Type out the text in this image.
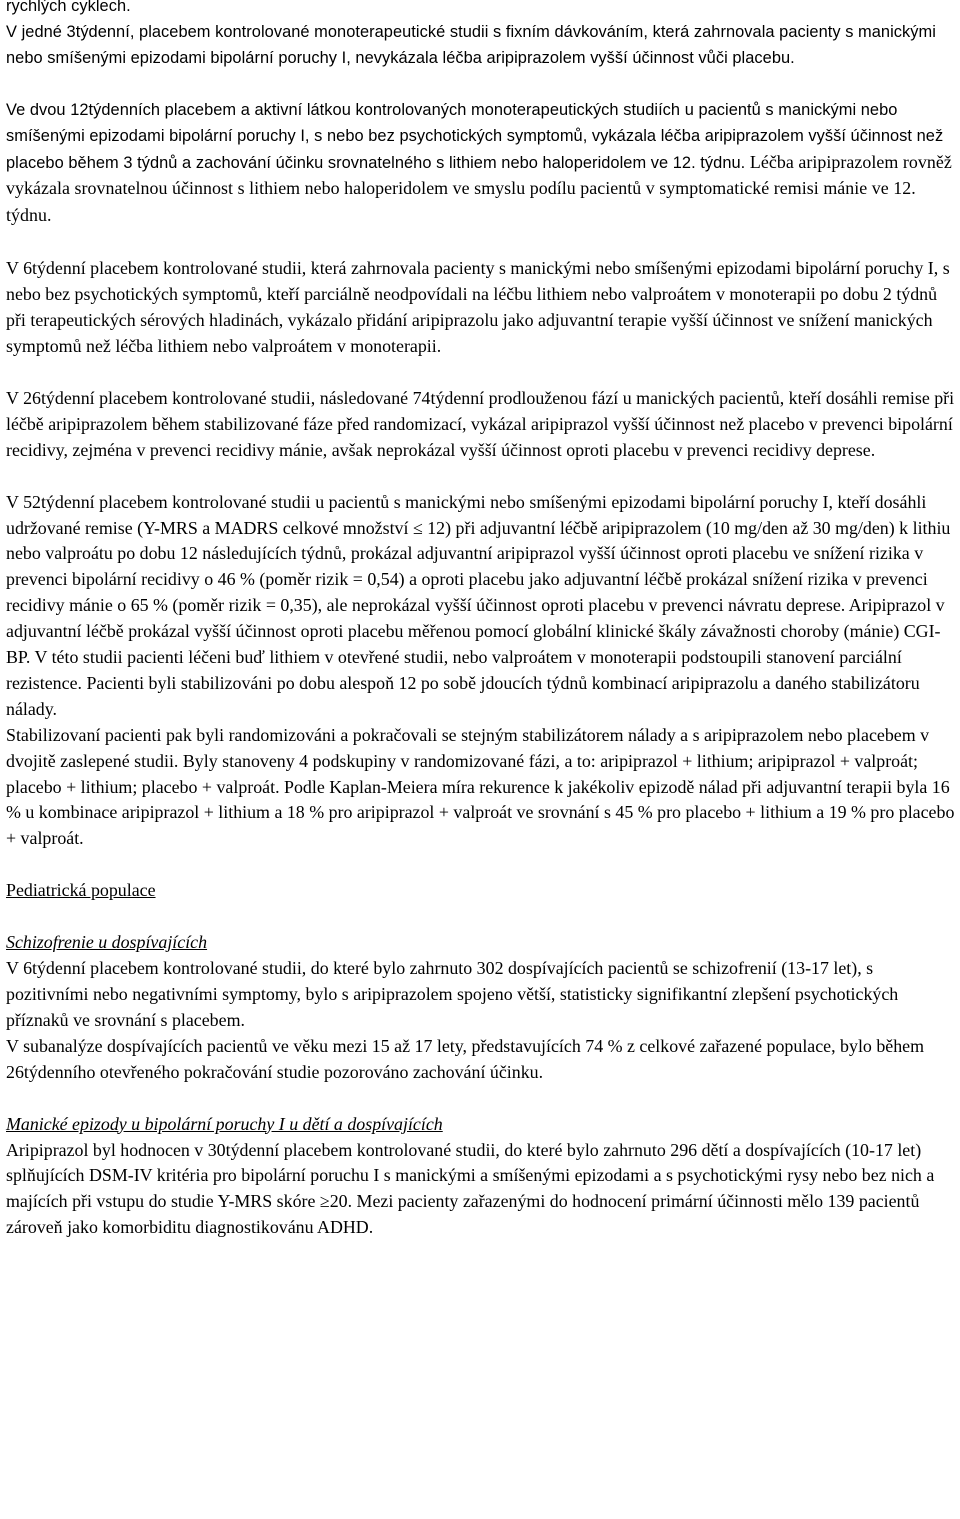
rychlých cyklech.

V jedné 3týdenní, placebem kontrolované monoterapeutické studii s fixním dávkováním, která zahrnovala pacienty s manickými nebo smíšenými epizodami bipolární poruchy I, nevykázala léčba aripiprazolem vyšší účinnost vůči placebu.

Ve dvou 12týdenních placebem a aktivní látkou kontrolovaných monoterapeutických studiích u pacientů s manickými nebo smíšenými epizodami bipolární poruchy I, s nebo bez psychotických symptomů, vykázala léčba aripiprazolem vyšší účinnost než placebo během 3 týdnů a zachování účinku srovnatelného s lithiem nebo haloperidolem ve 12. týdnu. Léčba aripiprazolem rovněž vykázala srovnatelnou účinnost s lithiem nebo haloperidolem ve smyslu podílu pacientů v symptomatické remisi mánie ve 12. týdnu.

V 6týdenní placebem kontrolované studii, která zahrnovala pacienty s manickými nebo smíšenými epizodami bipolární poruchy I, s nebo bez psychotických symptomů, kteří parciálně neodpovídali na léčbu lithiem nebo valproátem v monoterapii po dobu 2 týdnů při terapeutických sérových hladinách, vykázalo přidání aripiprazolu jako adjuvantní terapie vyšší účinnost ve snížení manických symptomů než léčba lithiem nebo valproátem v monoterapii.

V 26týdenní placebem kontrolované studii, následované 74týdenní prodlouženou fází u manických pacientů, kteří dosáhli remise při léčbě aripiprazolem během stabilizované fáze před randomizací, vykázal aripiprazol vyšší účinnost než placebo v prevenci bipolární recidivy, zejména v prevenci recidivy mánie, avšak neprokázal vyšší účinnost oproti placebu v prevenci recidivy deprese.

V 52týdenní placebem kontrolované studii u pacientů s manickými nebo smíšenými epizodami bipolární poruchy I, kteří dosáhli udržované remise (Y-MRS a MADRS celkové množství ≤ 12) při adjuvantní léčbě aripiprazolem (10 mg/den až 30 mg/den) k lithiu nebo valproátu po dobu 12 následujících týdnů, prokázal adjuvantní aripiprazol vyšší účinnost oproti placebu ve snížení rizika v prevenci bipolární recidivy o 46 % (poměr rizik = 0,54) a oproti placebu jako adjuvantní léčbě prokázal snížení rizika v prevenci recidivy mánie o 65 % (poměr rizik = 0,35), ale neprokázal vyšší účinnost oproti placebu v prevenci návratu deprese. Aripiprazol v adjuvantní léčbě prokázal vyšší účinnost oproti placebu měřenou pomocí globální klinické škály závažnosti choroby (mánie) CGI-BP. V této studii pacienti léčeni buď lithiem v otevřené studii, nebo valproátem v monoterapii podstoupili stanovení parciální rezistence. Pacienti byli stabilizováni po dobu alespoň 12 po sobě jdoucích týdnů kombinací aripiprazolu a daného stabilizátoru nálady.

Stabilizovaní pacienti pak byli randomizováni a pokračovali se stejným stabilizátorem nálady a s aripiprazolem nebo placebem v dvojitě zaslepené studii. Byly stanoveny 4 podskupiny v randomizované fázi, a to: aripiprazol + lithium; aripiprazol + valproát; placebo + lithium; placebo + valproát. Podle Kaplan-Meiera míra rekurence k jakékoliv epizodě nálad při adjuvantní terapii byla 16 % u kombinace aripiprazol + lithium a 18 % pro aripiprazol + valproát ve srovnání s 45 % pro placebo + lithium a 19 % pro placebo + valproát.

Pediatrická populace

Schizofrenie u dospívajících

V 6týdenní placebem kontrolované studii, do které bylo zahrnuto 302 dospívajících pacientů se schizofrenií (13-17 let), s pozitivními nebo negativními symptomy, bylo s aripiprazolem spojeno větší, statisticky signifikantní zlepšení psychotických příznaků ve srovnání s placebem.

V subanalýze dospívajících pacientů ve věku mezi 15 až 17 lety, představujících 74 % z celkové zařazené populace, bylo během 26týdenního otevřeného pokračování studie pozorováno zachování účinku.

Manické epizody u bipolární poruchy I u dětí a dospívajících

Aripiprazol byl hodnocen v 30týdenní placebem kontrolované studii, do které bylo zahrnuto 296 dětí a dospívajících (10-17 let) splňujících DSM-IV kritéria pro bipolární poruchu I s manickými a smíšenými epizodami a s psychotickými rysy nebo bez nich a majících při vstupu do studie Y-MRS skóre ≥20. Mezi pacienty zařazenými do hodnocení primární účinnosti mělo 139 pacientů zároveň jako komorbiditu diagnostikovánu ADHD.
